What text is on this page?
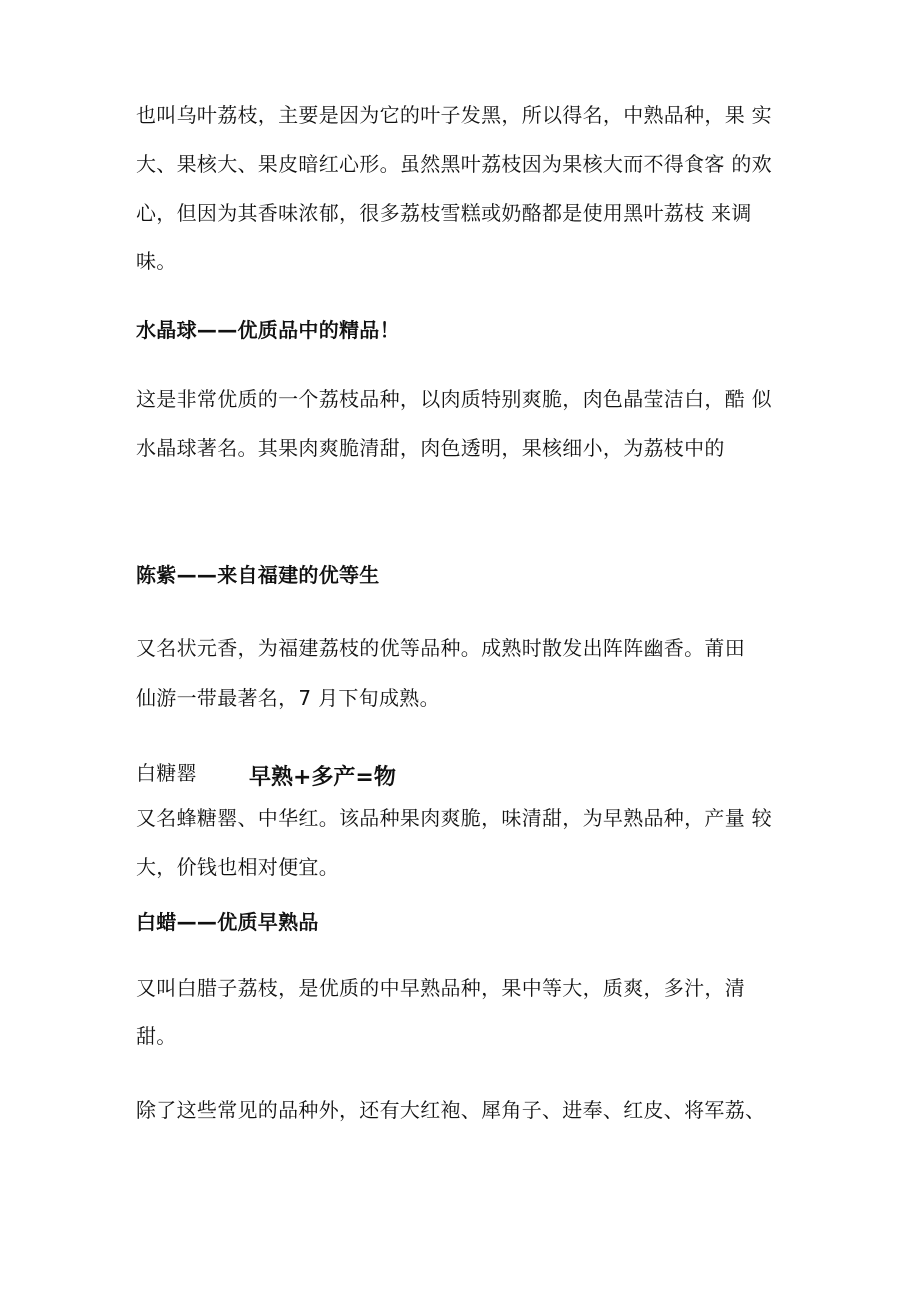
也叫乌叶荔枝，主要是因为它的叶子发黑，所以得名，中熟品种，果 实
大、果核大、果皮暗红心形。虽然黑叶荔枝因为果核大而不得食客 的欢
心，但因为其香味浓郁，很多荔枝雪糕或奶酪都是使用黑叶荔枝 来调
味。
水晶球——优质品中的精品！
这是非常优质的一个荔枝品种，以肉质特别爽脆，肉色晶莹洁白，酷 似
水晶球著名。其果肉爽脆清甜，肉色透明，果核细小，为荔枝中的
陈紫——来自福建的优等生
又名状元香，为福建荔枝的优等品种。成熟时散发出阵阵幽香。莆田
仙游一带最著名，7 月下旬成熟。
白糖罂 早熟+多产=物
又名蜂糖罂、中华红。该品种果肉爽脆，味清甜，为早熟品种，产量 较
大，价钱也相对便宜。
白蜡——优质早熟品
又叫白腊子荔枝，是优质的中早熟品种，果中等大，质爽，多汁，清
甜。
除了这些常见的品种外，还有大红袍、犀角子、进奉、红皮、将军荔、
